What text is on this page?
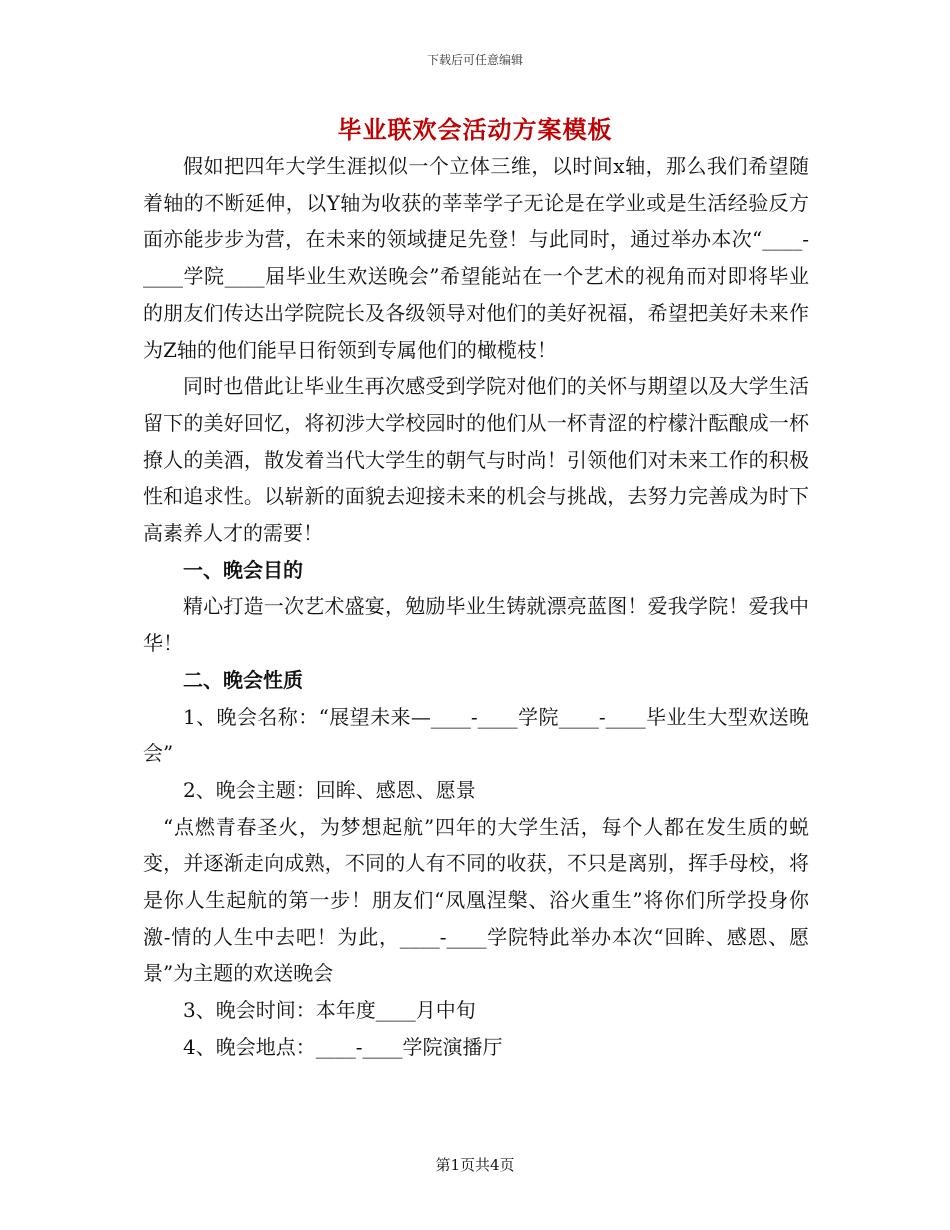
下载后可任意编辑
毕业联欢会活动方案模板

假如把四年大学生涯拟似一个立体三维，以时间x轴，那么我们希望随着轴的不断延伸，以Y轴为收获的莘莘学子无论是在学业或是生活经验反方面亦能步步为营，在未来的领域捷足先登！与此同时，通过举办本次“____-____学院____届毕业生欢送晚会”希望能站在一个艺术的视角而对即将毕业的朋友们传达出学院院长及各级领导对他们的美好祝福，希望把美好未来作为Z轴的他们能早日衔领到专属他们的橄榄枝！

同时也借此让毕业生再次感受到学院对他们的关怀与期望以及大学生活留下的美好回忆，将初涉大学校园时的他们从一杯青涩的柠檬汁酝酿成一杯撩人的美酒，散发着当代大学生的朝气与时尚！引领他们对未来工作的积极性和追求性。以崭新的面貌去迎接未来的机会与挑战，去努力完善成为时下高素养人才的需要！

一、晚会目的

精心打造一次艺术盛宴，勉励毕业生铸就漂亮蓝图！爱我学院！爱我中华！

二、晚会性质

1、晚会名称：“展望未来—____-____学院____-____毕业生大型欢送晚会”

2、晚会主题：回眸、感恩、愿景

“点燃青春圣火，为梦想起航”四年的大学生活，每个人都在发生质的蜕变，并逐渐走向成熟，不同的人有不同的收获，不只是离别，挥手母校，将是你人生起航的第一步！朋友们“凤凰涅槃、浴火重生”将你们所学投身你激-情的人生中去吧！为此，____-____学院特此举办本次“回眸、感恩、愿景”为主题的欢送晚会

3、晚会时间：本年度____月中旬

4、晚会地点：____-____学院演播厅

第1页共4页
